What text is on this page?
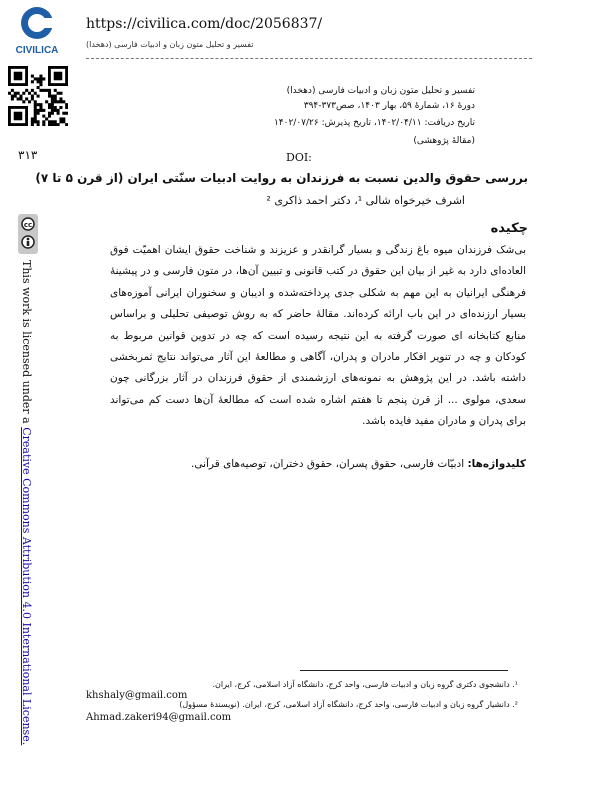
CIVILICA
https://civilica.com/doc/2056837/
تفسیر و تحلیل متون زبان و ادبیات فارسی (دهخدا)
۳۱۳
cc
This work is licensed under a Creative Commons Attribution 4.0 International License.
تفسیر و تحلیل متون زبان و ادبیات فارسی (دهخدا)
دورۀ ۱۶، شمارۀ ۵۹، بهار ۱۴۰۳، صص۳۷۳-۳۹۴
تاریخ دریافت: ۱۴۰۲/۰۴/۱۱، تاریخ پذیرش: ۱۴۰۲/۰۷/۲۶
(مقالۀ پژوهشی)
DOI:
بررسی حقوق والدین نسبت به فرزندان به روایت ادبیات سنّتی ایران (از قرن ۵ تا ۷)
اشرف خیرخواه شالی ¹، دکتر احمد ذاکری ²
چکیده
بی‌شک فرزندان میوه باغ زندگی و بسیار گرانقدر و عزیزند و شناخت حقوق ایشان اهمیّت فوق العاده‌ای دارد به غیر از بیان این حقوق در کتب قانونی و تبیین آن‌ها، در متون فارسی و در پیشینۀ فرهنگی ایرانیان به این مهم به شکلی جدی پرداخته‌شده و ادیبان و سخنوران ایرانی آموزه‌های بسیار ارزنده‌ای در این باب ارائه کرده‌اند. مقالۀ حاضر که به روش توصیفی تحلیلی و براساس منابع کتابخانه ای صورت گرفته به این نتیجه رسیده است که چه در تدوین قوانین مربوط به کودکان و چه در تنویر افکار مادران و پدران، آگاهی و مطالعۀ این آثار می‌تواند نتایج ثمربخشی داشته باشد. در این پژوهش به نمونه‌های ارزشمندی از حقوق فرزندان در آثار بزرگانی چون سعدی، مولوی ... از قرن پنجم تا هفتم اشاره شده است که مطالعۀ آن‌ها دست کم می‌تواند برای پدران و مادران مفید فایده باشد.
کلیدواژه‌ها: ادبیّات فارسی، حقوق پسران، حقوق دختران، توصیه‌های قرآنی.
¹. دانشجوی دکتری گروه زبان و ادبیات فارسی، واحد کرج، دانشگاه آزاد اسلامی، کرج، ایران.
khshaly@gmail.com
². دانشیار گروه زبان و ادبیات فارسی، واحد کرج، دانشگاه آزاد اسلامی، کرج، ایران. (نویسندۀ مسؤول)
Ahmad.zakeri94@gmail.com
